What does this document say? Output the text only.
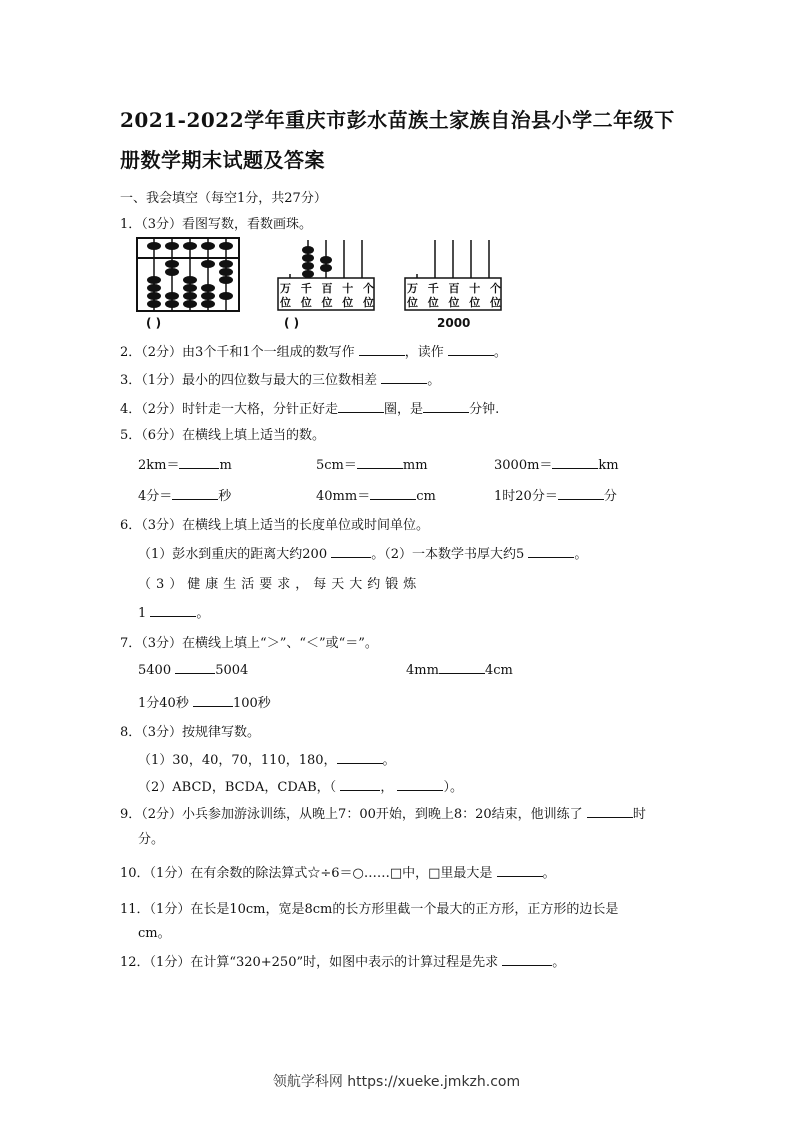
2021-2022学年重庆市彭水苗族土家族自治县小学二年级下册数学期末试题及答案
一、我会填空（每空1分，共27分）
1．（3分）看图写数，看数画珠。
( )
万 千 百 十 个
位 位 位 位 位
( )
万 千 百 十 个
位 位 位 位 位
2000
2．（2分）由3个千和1个一组成的数写作	，读作	。
3．（1分）最小的四位数与最大的三位数相差	。
4．（2分）时针走一大格，分针正好走	圈，是	分钟.
5．（6分）在横线上填上适当的数。
2km＝	m	5cm＝	mm	3000m＝	km
4分＝	秒	40mm＝	cm	1时20分＝	分
6．（3分）在横线上填上适当的长度单位或时间单位。
（1）彭水到重庆的距离大约200	。（2）一本数学书厚大约5	。
（3）健康生活要求，每天大约锻炼
1	。
7．（3分）在横线上填上“＞”、“＜”或“＝”。
5400	5004	4mm	4cm
1分40秒	100秒
8．（3分）按规律写数。
（1）30，40，70，110，180，	。
（2）ABCD，BCDA，CDAB，（	，	）。
9．（2分）小兵参加游泳训练，从晚上7：00开始，到晚上8：20结束，他训练了	时
分。
10．（1分）在有余数的除法算式☆÷6＝○……□中，□里最大是	。
11．（1分）在长是10cm，宽是8cm的长方形里截一个最大的正方形，正方形的边长是
cm。
12．（1分）在计算“320+250”时，如图中表示的计算过程是先求	。
领航学科网 https://xueke.jmkzh.com
